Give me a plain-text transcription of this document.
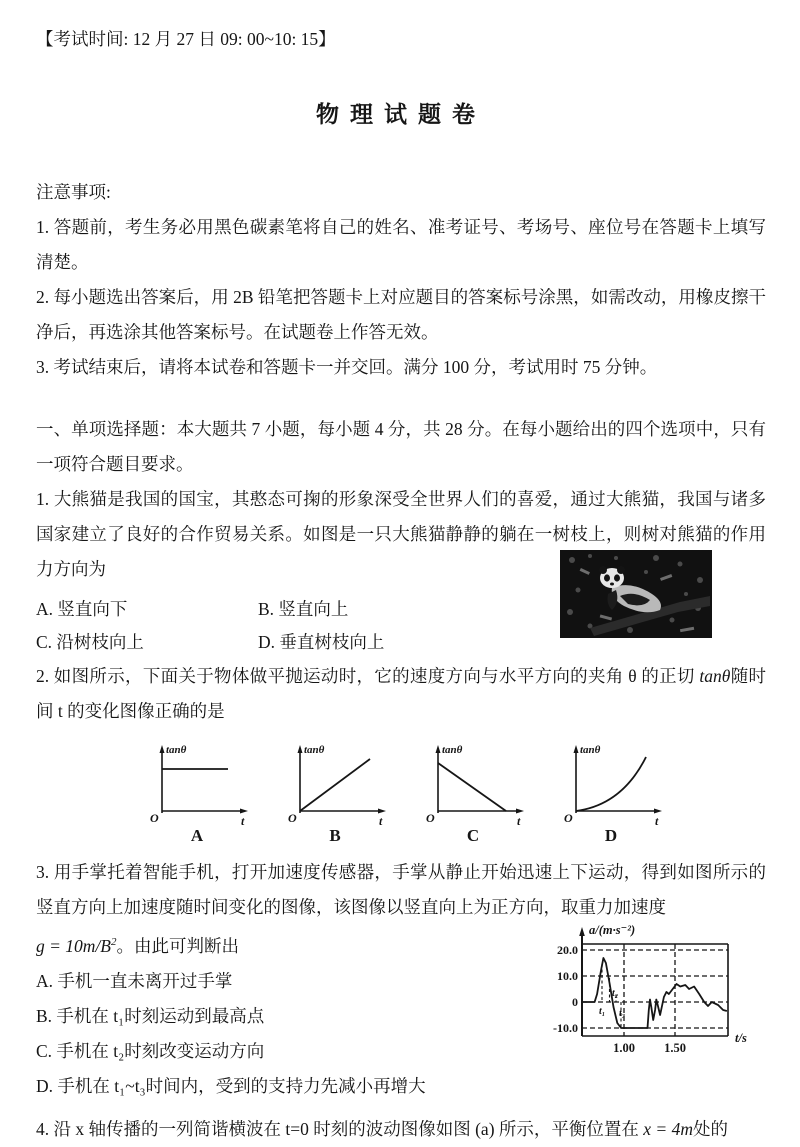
【考试时间: 12 月 27 日 09: 00~10: 15】

物理试题卷

注意事项:

1. 答题前，考生务必用黑色碳素笔将自己的姓名、准考证号、考场号、座位号在答题卡上填写清楚。

2. 每小题选出答案后，用 2B 铅笔把答题卡上对应题目的答案标号涂黑，如需改动，用橡皮擦干净后，再选涂其他答案标号。在试题卷上作答无效。

3. 考试结束后，请将本试卷和答题卡一并交回。满分 100 分，考试用时 75 分钟。

一、单项选择题：本大题共 7 小题，每小题 4 分，共 28 分。在每小题给出的四个选项中，只有一项符合题目要求。

1. 大熊猫是我国的国宝，其憨态可掬的形象深受全世界人们的喜爱，通过大熊猫，我国与诸多国家建立了良好的合作贸易关系。如图是一只大熊猫静静的躺在一树枝上，则树对熊猫的作用力方向为

A. 竖直向下	B. 竖直向上
C. 沿树枝向上	D. 垂直树枝向上

2. 如图所示，下面关于物体做平抛运动时，它的速度方向与水平方向的夹角 θ 的正切 tanθ随时间 t 的变化图像正确的是

tanθ
O	t
A
tanθ
O	t
B
tanθ
O	t
C
tanθ
O	t
D

3. 用手掌托着智能手机，打开加速度传感器，手掌从静止开始迅速上下运动，得到如图所示的竖直方向上加速度随时间变化的图像，该图像以竖直向上为正方向，取重力加速度

$g = 10m/B^2$。由此可判断出

A. 手机一直未离开过手掌

B. 手机在 t₁时刻运动到最高点

C. 手机在 t₂时刻改变运动方向

D. 手机在 t₁~t₃时间内，受到的支持力先减小再增大

a/(m·s⁻²)
20.0
10.0
0
-10.0
1.00 1.50
t/s
t₁
t₂
t₃

4. 沿 x 轴传播的一列简谐横波在 t=0 时刻的波动图像如图 (a) 所示，平衡位置在 x = 4m处的
